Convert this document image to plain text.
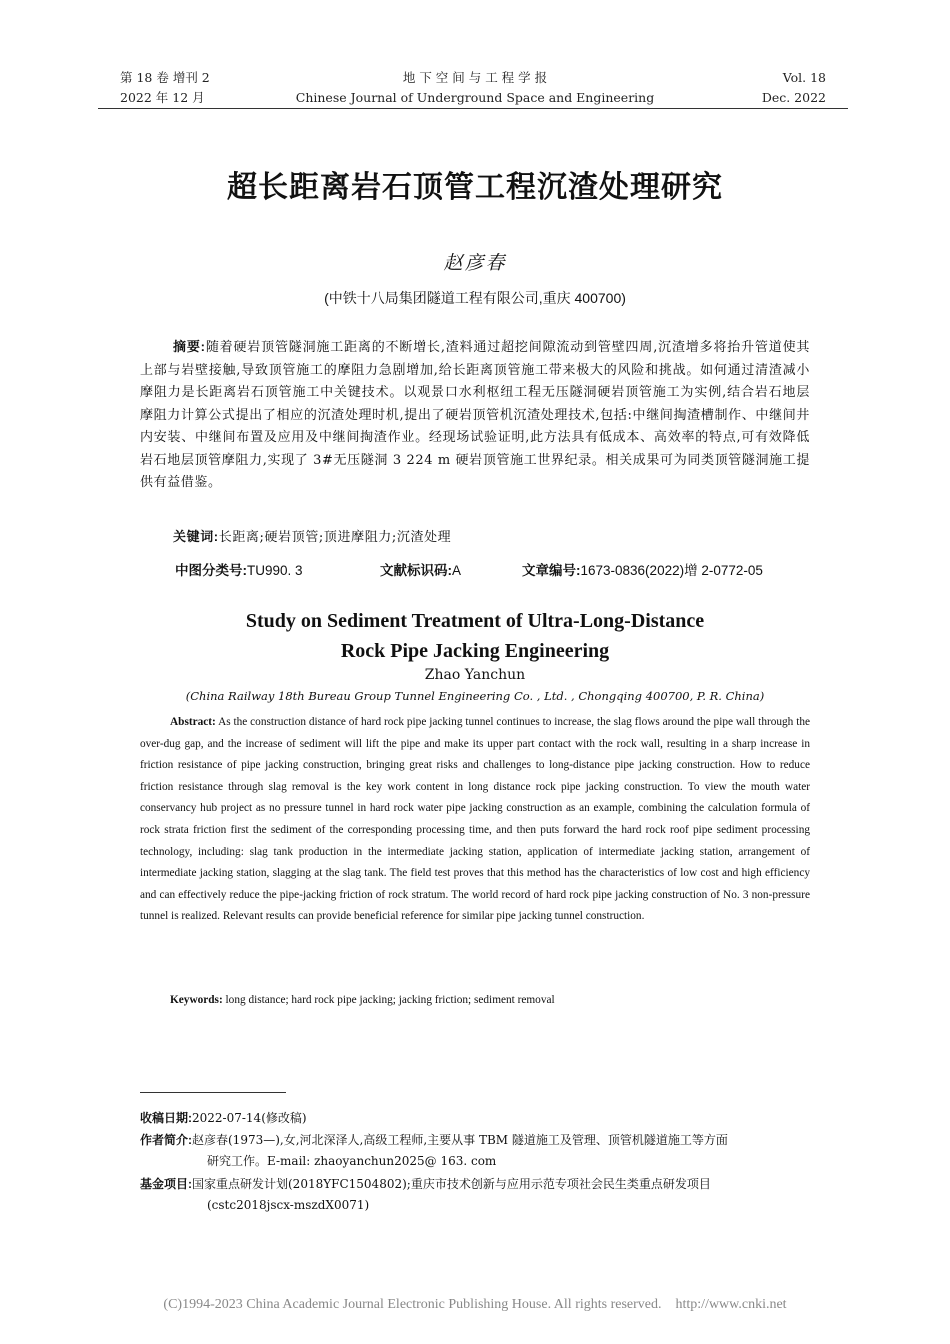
第 18 卷 增刊 2
2022 年 12 月
地 下 空 间 与 工 程 学 报
Chinese Journal of Underground Space and Engineering
Vol. 18
Dec. 2022
超长距离岩石顶管工程沉渣处理研究
赵彦春
(中铁十八局集团隧道工程有限公司,重庆 400700)
摘要:随着硬岩顶管隧洞施工距离的不断增长,渣料通过超挖间隙流动到管壁四周,沉渣增多将抬升管道使其上部与岩壁接触,导致顶管施工的摩阻力急剧增加,给长距离顶管施工带来极大的风险和挑战。如何通过清渣减小摩阻力是长距离岩石顶管施工中关键技术。以观景口水利枢纽工程无压隧洞硬岩顶管施工为实例,结合岩石地层摩阻力计算公式提出了相应的沉渣处理时机,提出了硬岩顶管机沉渣处理技术,包括:中继间掏渣槽制作、中继间井内安装、中继间布置及应用及中继间掏渣作业。经现场试验证明,此方法具有低成本、高效率的特点,可有效降低岩石地层顶管摩阻力,实现了 3#无压隧洞 3 224 m 硬岩顶管施工世界纪录。相关成果可为同类顶管隧洞施工提供有益借鉴。
关键词:长距离;硬岩顶管;顶进摩阻力;沉渣处理
中图分类号:TU990. 3	文献标识码:A	文章编号:1673-0836(2022)增 2-0772-05
Study on Sediment Treatment of Ultra-Long-Distance
Rock Pipe Jacking Engineering
Zhao Yanchun
(China Railway 18th Bureau Group Tunnel Engineering Co. , Ltd. , Chongqing 400700, P. R. China)
Abstract: As the construction distance of hard rock pipe jacking tunnel continues to increase, the slag flows around the pipe wall through the over-dug gap, and the increase of sediment will lift the pipe and make its upper part contact with the rock wall, resulting in a sharp increase in friction resistance of pipe jacking construction, bringing great risks and challenges to long-distance pipe jacking construction. How to reduce friction resistance through slag removal is the key work content in long distance rock pipe jacking construction. To view the mouth water conservancy hub project as no pressure tunnel in hard rock water pipe jacking construction as an example, combining the calculation formula of rock strata friction first the sediment of the corresponding processing time, and then puts forward the hard rock roof pipe sediment processing technology, including: slag tank production in the intermediate jacking station, application of intermediate jacking station, arrangement of intermediate jacking station, slagging at the slag tank. The field test proves that this method has the characteristics of low cost and high efficiency and can effectively reduce the pipe-jacking friction of rock stratum. The world record of hard rock pipe jacking construction of No. 3 non-pressure tunnel is realized. Relevant results can provide beneficial reference for similar pipe jacking tunnel construction.
Keywords: long distance; hard rock pipe jacking; jacking friction; sediment removal
收稿日期:2022-07-14(修改稿)
作者简介:赵彦春(1973—),女,河北深泽人,高级工程师,主要从事 TBM 隧道施工及管理、顶管机隧道施工等方面
研究工作。E-mail: zhaoyanchun2025@ 163. com
基金项目:国家重点研发计划(2018YFC1504802);重庆市技术创新与应用示范专项社会民生类重点研发项目
(cstc2018jscx-mszdX0071)
(C)1994-2023 China Academic Journal Electronic Publishing House. All rights reserved.    http://www.cnki.net
